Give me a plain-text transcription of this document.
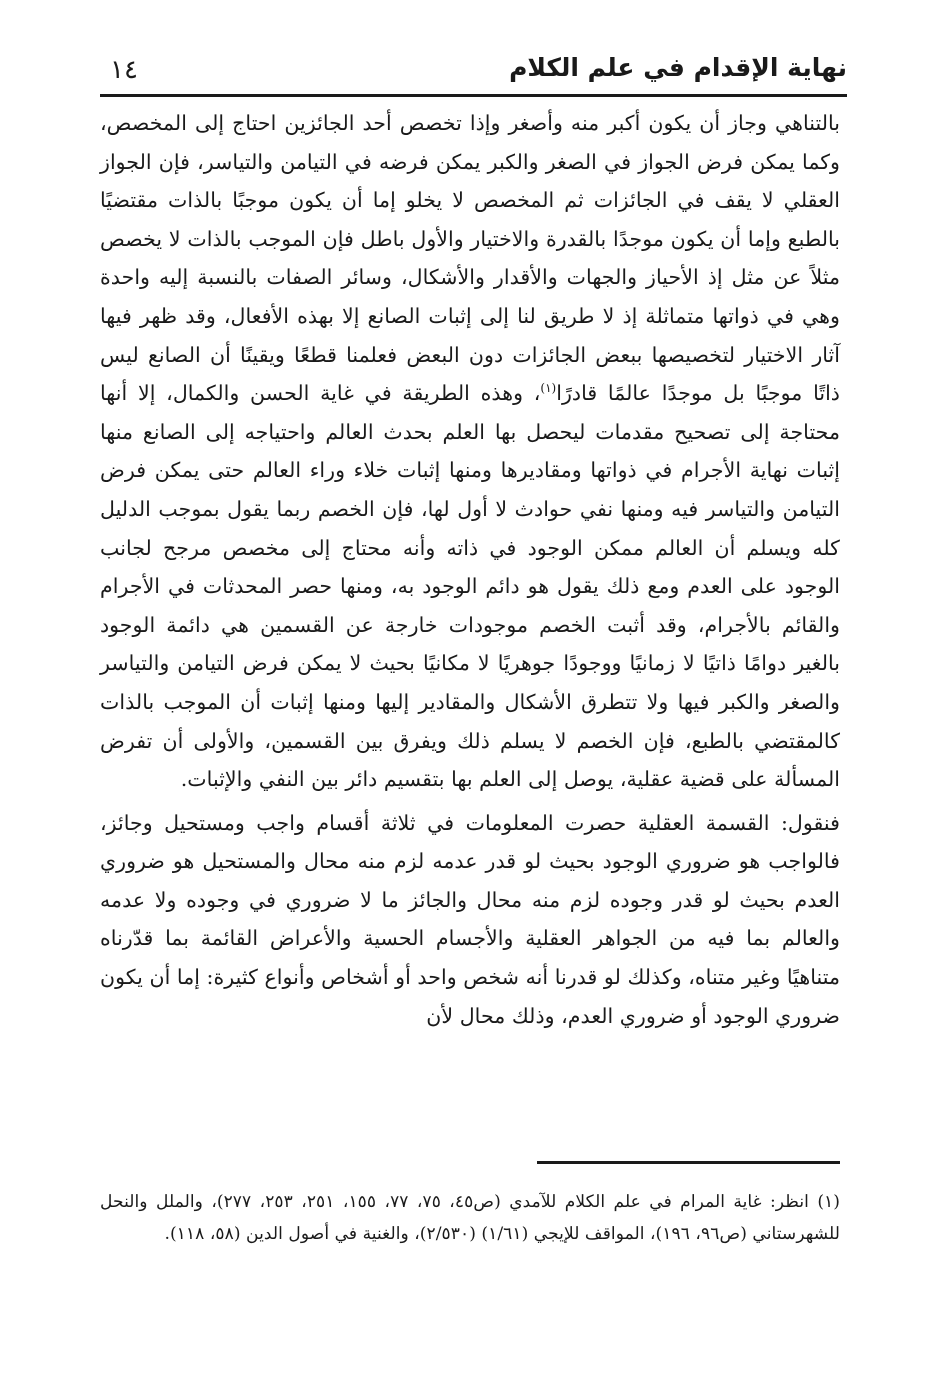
نهاية الإقدام في علم الكلام
١٤

بالتناهي وجاز أن يكون أكبر منه وأصغر وإذا تخصص أحد الجائزين احتاج إلى المخصص، وكما يمكن فرض الجواز في الصغر والكبر يمكن فرضه في التيامن والتياسر، فإن الجواز العقلي لا يقف في الجائزات ثم المخصص لا يخلو إما أن يكون موجبًا بالذات مقتضيًا بالطبع وإما أن يكون موجدًا بالقدرة والاختيار والأول باطل فإن الموجب بالذات لا يخصص مثلاً عن مثل إذ الأحياز والجهات والأقدار والأشكال، وسائر الصفات بالنسبة إليه واحدة وهي في ذواتها متماثلة إذ لا طريق لنا إلى إثبات الصانع إلا بهذه الأفعال، وقد ظهر فيها آثار الاختيار لتخصيصها ببعض الجائزات دون البعض فعلمنا قطعًا ويقينًا أن الصانع ليس ذاتًا موجبًا بل موجدًا عالمًا قادرًا$^{(١)}$، وهذه الطريقة في غاية الحسن والكمال، إلا أنها محتاجة إلى تصحيح مقدمات ليحصل بها العلم بحدث العالم واحتياجه إلى الصانع منها إثبات نهاية الأجرام في ذواتها ومقاديرها ومنها إثبات خلاء وراء العالم حتى يمكن فرض التيامن والتياسر فيه ومنها نفي حوادث لا أول لها، فإن الخصم ربما يقول بموجب الدليل كله ويسلم أن العالم ممكن الوجود في ذاته وأنه محتاج إلى مخصص مرجح لجانب الوجود على العدم ومع ذلك يقول هو دائم الوجود به، ومنها حصر المحدثات في الأجرام والقائم بالأجرام، وقد أثبت الخصم موجودات خارجة عن القسمين هي دائمة الوجود بالغير دوامًا ذاتيًا لا زمانيًا ووجودًا جوهريًا لا مكانيًا بحيث لا يمكن فرض التيامن والتياسر والصغر والكبر فيها ولا تتطرق الأشكال والمقادير إليها ومنها إثبات أن الموجب بالذات كالمقتضي بالطبع، فإن الخصم لا يسلم ذلك ويفرق بين القسمين، والأولى أن تفرض المسألة على قضية عقلية، يوصل إلى العلم بها بتقسيم دائر بين النفي والإثبات.

فنقول: القسمة العقلية حصرت المعلومات في ثلاثة أقسام واجب ومستحيل وجائز، فالواجب هو ضروري الوجود بحيث لو قدر عدمه لزم منه محال والمستحيل هو ضروري العدم بحيث لو قدر وجوده لزم منه محال والجائز ما لا ضروري في وجوده ولا عدمه والعالم بما فيه من الجواهر العقلية والأجسام الحسية والأعراض القائمة بما قدّرناه متناهيًا وغير متناه، وكذلك لو قدرنا أنه شخص واحد أو أشخاص وأنواع كثيرة: إما أن يكون ضروري الوجود أو ضروري العدم، وذلك محال لأن

(١) انظر: غاية المرام في علم الكلام للآمدي (ص٤٥، ٧٥، ٧٧، ١٥٥، ٢٥١، ٢٥٣، ٢٧٧)، والملل والنحل للشهرستاني (ص٩٦، ١٩٦)، المواقف للإيجي (١/٦١) (٢/٥٣٠)، والغنية في أصول الدين (٥٨، ١١٨).
